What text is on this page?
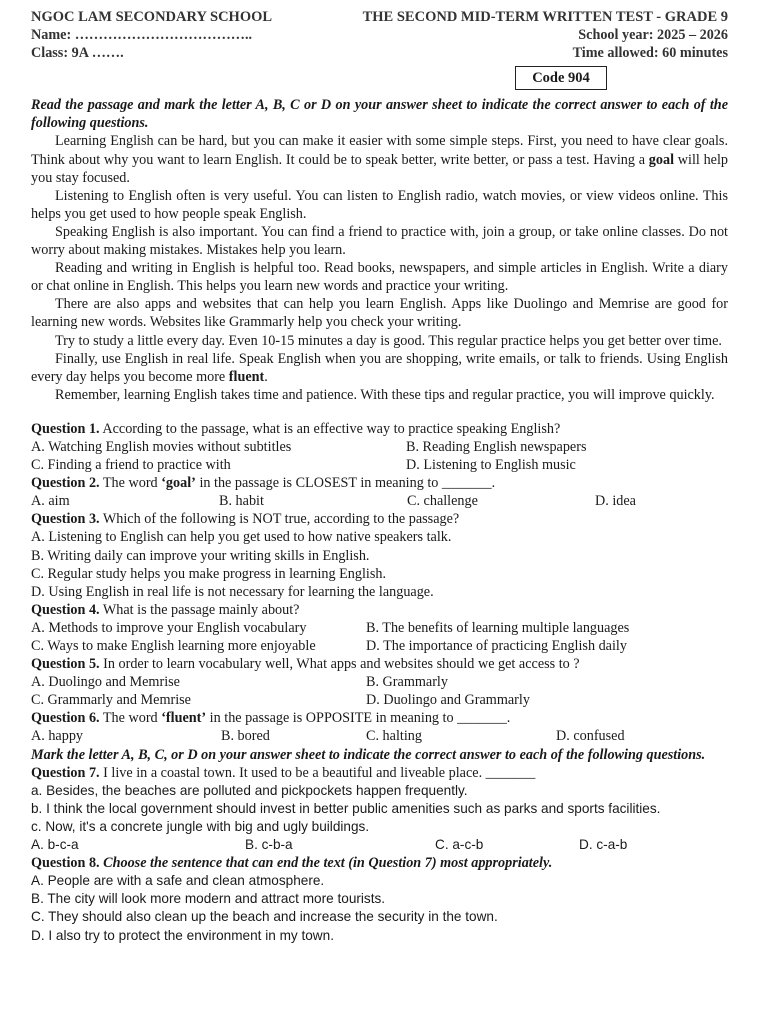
NGOC LAM SECONDARY SCHOOL	THE SECOND MID-TERM WRITTEN TEST - GRADE 9
Name: ………………………………..	School year: 2025 – 2026
Class: 9A …….	Time allowed: 60 minutes
Code 904
Read the passage and mark the letter A, B, C or D on your answer sheet to indicate the correct answer to each of the following questions.
Learning English can be hard, but you can make it easier with some simple steps. First, you need to have clear goals. Think about why you want to learn English. It could be to speak better, write better, or pass a test. Having a goal will help you stay focused.
Listening to English often is very useful. You can listen to English radio, watch movies, or view videos online. This helps you get used to how people speak English.
Speaking English is also important. You can find a friend to practice with, join a group, or take online classes. Do not worry about making mistakes. Mistakes help you learn.
Reading and writing in English is helpful too. Read books, newspapers, and simple articles in English. Write a diary or chat online in English. This helps you learn new words and practice your writing.
There are also apps and websites that can help you learn English. Apps like Duolingo and Memrise are good for learning new words. Websites like Grammarly help you check your writing.
Try to study a little every day. Even 10-15 minutes a day is good. This regular practice helps you get better over time.
Finally, use English in real life. Speak English when you are shopping, write emails, or talk to friends. Using English every day helps you become more fluent.
Remember, learning English takes time and patience. With these tips and regular practice, you will improve quickly.
Question 1. According to the passage, what is an effective way to practice speaking English?
A. Watching English movies without subtitles	B. Reading English newspapers
C. Finding a friend to practice with	D. Listening to English music
Question 2. The word ‘goal’ in the passage is CLOSEST in meaning to _______.
A. aim	B. habit	C. challenge	D. idea
Question 3. Which of the following is NOT true, according to the passage?
A. Listening to English can help you get used to how native speakers talk.
B. Writing daily can improve your writing skills in English.
C. Regular study helps you make progress in learning English.
D. Using English in real life is not necessary for learning the language.
Question 4. What is the passage mainly about?
A. Methods to improve your English vocabulary	B. The benefits of learning multiple languages
C. Ways to make English learning more enjoyable	D. The importance of practicing English daily
Question 5. In order to learn vocabulary well, What apps and websites should we get access to ?
A. Duolingo and Memrise	B. Grammarly
C. Grammarly and Memrise	D. Duolingo and Grammarly
Question 6. The word ‘fluent’ in the passage is OPPOSITE in meaning to _______.
A. happy	B. bored	C. halting	D. confused
Mark the letter A, B, C, or D on your answer sheet to indicate the correct answer to each of the following questions.
Question 7. I live in a coastal town. It used to be a beautiful and liveable place. _______
a. Besides, the beaches are polluted and pickpockets happen frequently.
b. I think the local government should invest in better public amenities such as parks and sports facilities.
c. Now, it's a concrete jungle with big and ugly buildings.
A. b-c-a	B. c-b-a	C. a-c-b	D. c-a-b
Question 8. Choose the sentence that can end the text (in Question 7) most appropriately.
A. People are with a safe and clean atmosphere.
B. The city will look more modern and attract more tourists.
C. They should also clean up the beach and increase the security in the town.
D. I also try to protect the environment in my town.
